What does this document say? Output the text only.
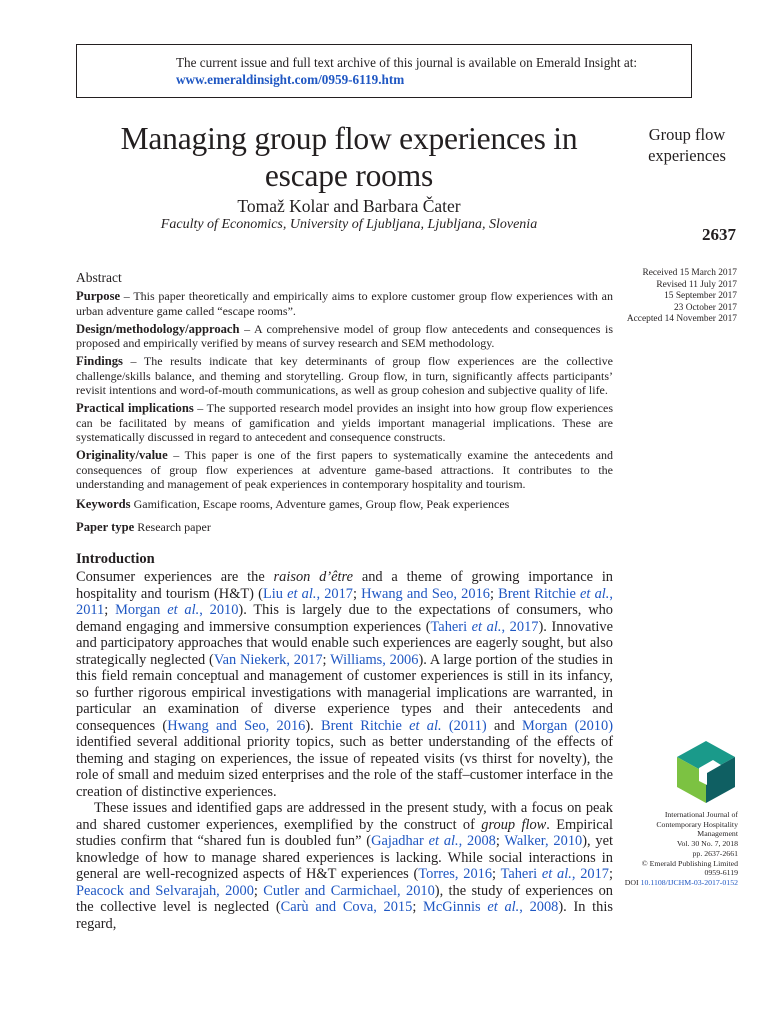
The current issue and full text archive of this journal is available on Emerald Insight at:
www.emeraldinsight.com/0959-6119.htm
Managing group flow experiences in escape rooms
Tomaž Kolar and Barbara Čater
Faculty of Economics, University of Ljubljana, Ljubljana, Slovenia
Group flow experiences
2637
Received 15 March 2017
Revised 11 July 2017
15 September 2017
23 October 2017
Accepted 14 November 2017
Abstract

Purpose – This paper theoretically and empirically aims to explore customer group flow experiences with an urban adventure game called “escape rooms”.

Design/methodology/approach – A comprehensive model of group flow antecedents and consequences is proposed and empirically verified by means of survey research and SEM methodology.

Findings – The results indicate that key determinants of group flow experiences are the collective challenge/skills balance, and theming and storytelling. Group flow, in turn, significantly affects participants’ revisit intentions and word-of-mouth communications, as well as group cohesion and subjective quality of life.

Practical implications – The supported research model provides an insight into how group flow experiences can be facilitated by means of gamification and yields important managerial implications. These are systematically discussed in regard to antecedent and consequence constructs.

Originality/value – This paper is one of the first papers to systematically examine the antecedents and consequences of group flow experiences at adventure game-based attractions. It contributes to the understanding and management of peak experiences in contemporary hospitality and tourism.

Keywords Gamification, Escape rooms, Adventure games, Group flow, Peak experiences

Paper type Research paper

Introduction

Consumer experiences are the raison d’être and a theme of growing importance in hospitality and tourism (H&T) (Liu et al., 2017; Hwang and Seo, 2016; Brent Ritchie et al., 2011; Morgan et al., 2010). This is largely due to the expectations of consumers, who demand engaging and immersive consumption experiences (Taheri et al., 2017). Innovative and participatory approaches that would enable such experiences are eagerly sought, but also strategically neglected (Van Niekerk, 2017; Williams, 2006). A large portion of the studies in this field remain conceptual and management of customer experiences is still in its infancy, so further rigorous empirical investigations with managerial implications are warranted, in particular an examination of diverse experience types and their antecedents and consequences (Hwang and Seo, 2016). Brent Ritchie et al. (2011) and Morgan (2010) identified several additional priority topics, such as better understanding of the effects of theming and staging on experiences, the issue of repeated visits (vs thirst for novelty), the role of small and meduim sized enterprises and the role of the staff–customer interface in the creation of distinctive experiences.

These issues and identified gaps are addressed in the present study, with a focus on peak and shared customer experiences, exemplified by the construct of group flow. Empirical studies confirm that “shared fun is doubled fun” (Gajadhar et al., 2008; Walker, 2010), yet knowledge of how to manage shared experiences is lacking. While social interactions in general are well-recognized aspects of H&T experiences (Torres, 2016; Taheri et al., 2017; Peacock and Selvarajah, 2000; Cutler and Carmichael, 2010), the study of experiences on the collective level is neglected (Carù and Cova, 2015; McGinnis et al., 2008). In this regard,

International Journal of
Contemporary Hospitality
Management
Vol. 30 No. 7, 2018
pp. 2637-2661
© Emerald Publishing Limited
0959-6119
DOI 10.1108/IJCHM-03-2017-0152
